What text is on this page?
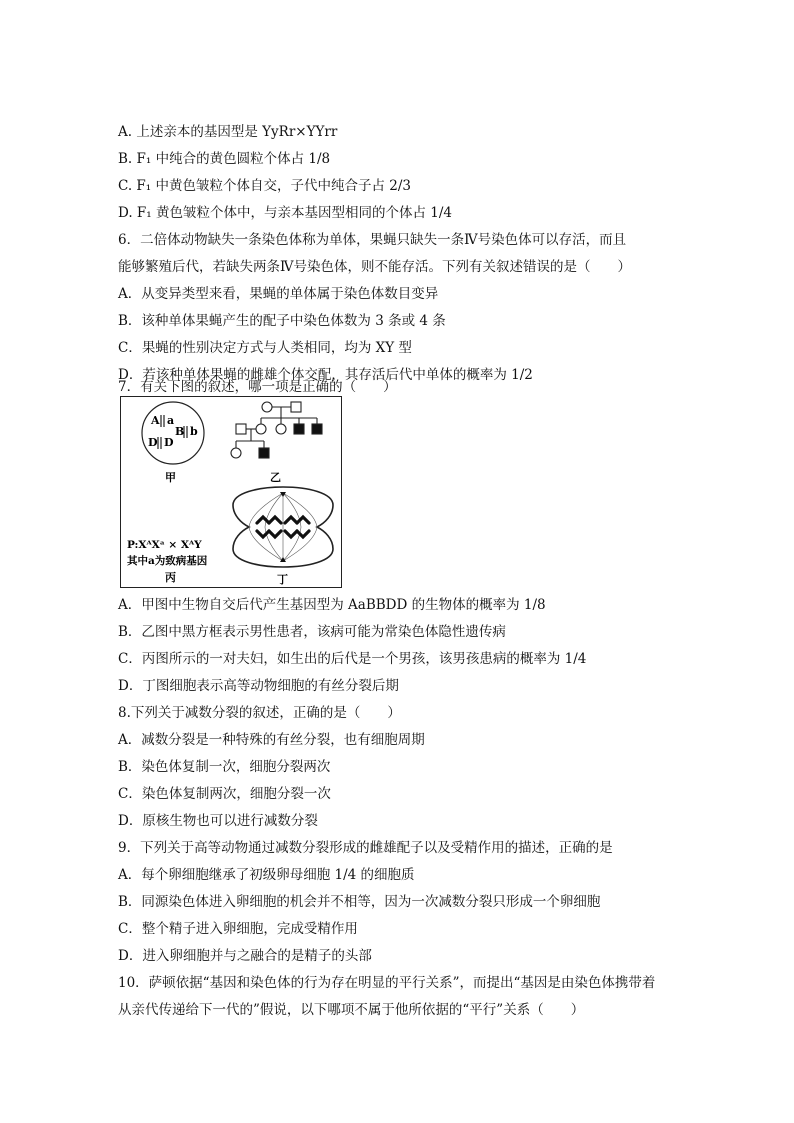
A. 上述亲本的基因型是 YyRr×YYrr
B. F₁ 中纯合的黄色圆粒个体占 1/8
C. F₁ 中黄色皱粒个体自交，子代中纯合子占 2/3
D. F₁ 黄色皱粒个体中，与亲本基因型相同的个体占 1/4
6．二倍体动物缺失一条染色体称为单体，果蝇只缺失一条Ⅳ号染色体可以存活，而且
能够繁殖后代，若缺失两条Ⅳ号染色体，则不能存活。下列有关叙述错误的是（　　）
A．从变异类型来看，果蝇的单体属于染色体数目变异
B．该种单体果蝇产生的配子中染色体数为 3 条或 4 条
C．果蝇的性别决定方式与人类相同，均为 XY 型
D．若该种单体果蝇的雌雄个体交配，其存活后代中单体的概率为 1/2
7．有关下图的叙述，哪一项是正确的（　　）
A a
B b
D D
甲	乙
丁
P:XᴬXᵃ × XᴬY
其中a为致病基因
丙
A．甲图中生物自交后代产生基因型为 AaBBDD 的生物体的概率为 1/8
B．乙图中黑方框表示男性患者，该病可能为常染色体隐性遗传病
C．丙图所示的一对夫妇，如生出的后代是一个男孩，该男孩患病的概率为 1/4
D．丁图细胞表示高等动物细胞的有丝分裂后期
8.下列关于减数分裂的叙述，正确的是（　　）
A．减数分裂是一种特殊的有丝分裂，也有细胞周期
B．染色体复制一次，细胞分裂两次
C．染色体复制两次，细胞分裂一次
D．原核生物也可以进行减数分裂
9．下列关于高等动物通过减数分裂形成的雌雄配子以及受精作用的描述，正确的是
A．每个卵细胞继承了初级卵母细胞 1/4 的细胞质
B．同源染色体进入卵细胞的机会并不相等，因为一次减数分裂只形成一个卵细胞
C．整个精子进入卵细胞，完成受精作用
D．进入卵细胞并与之融合的是精子的头部
10．萨顿依据“基因和染色体的行为存在明显的平行关系”，而提出“基因是由染色体携带着
从亲代传递给下一代的”假说，以下哪项不属于他所依据的“平行”关系（　　）
